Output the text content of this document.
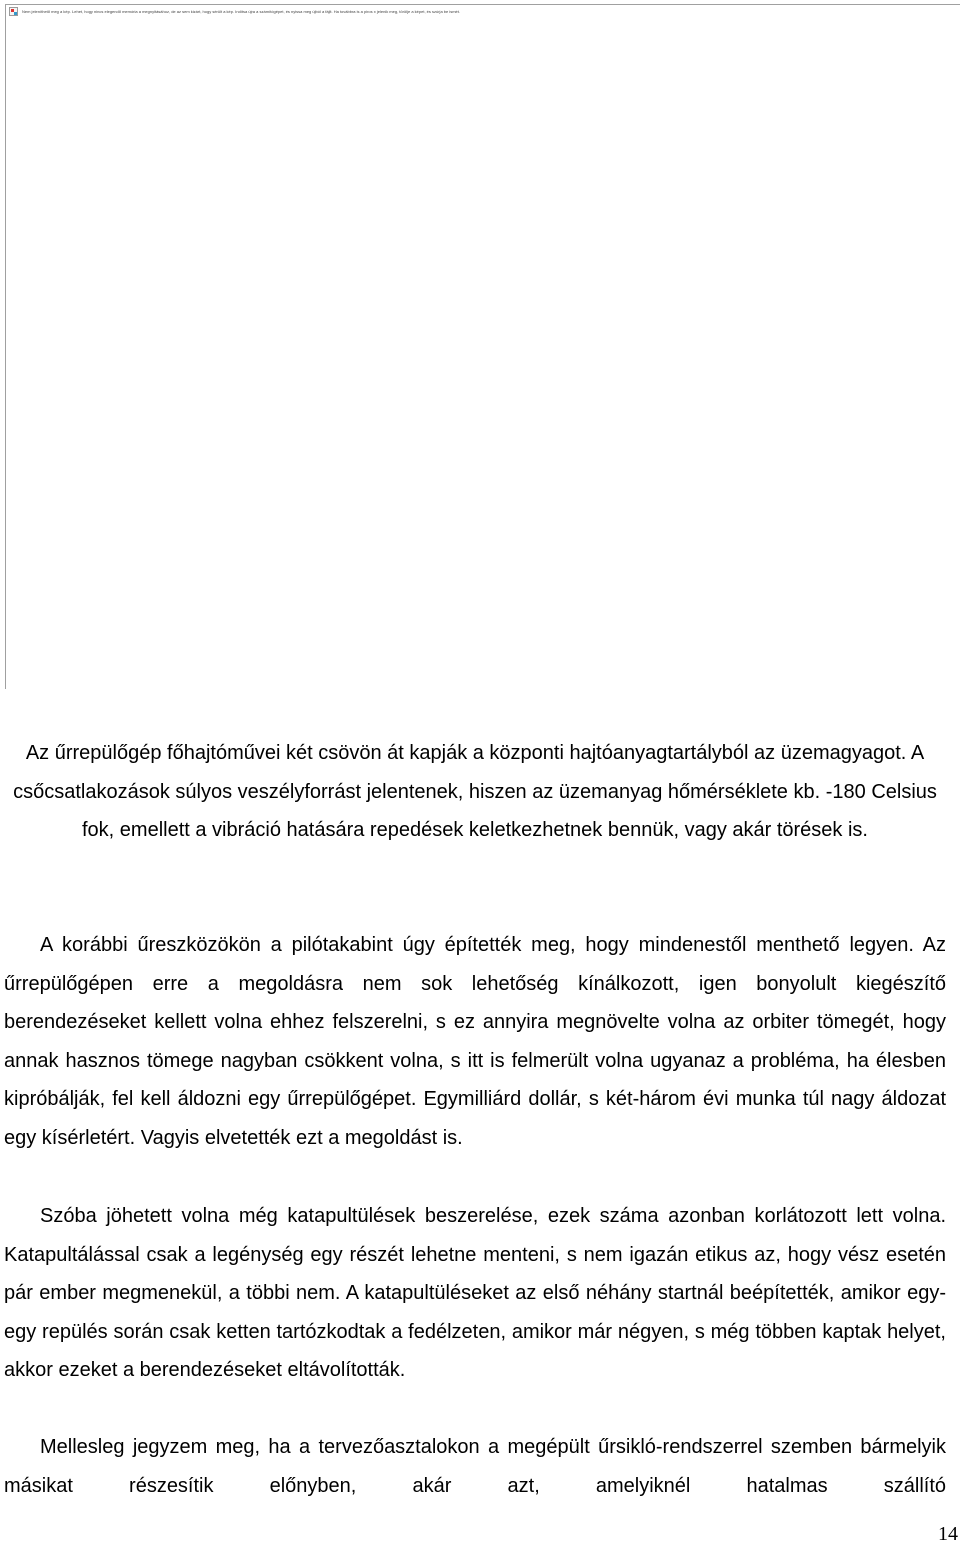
Nem jeleníthető meg a kép. Lehet, hogy nincs elegendő memória a megnyitásához, de az sem kizárt, hogy sérült a kép. Indítsa újra a számítógépet, és nyissa meg újból a fájlt. Ha továbbra is a piros x jelenik meg, törölje a képet, és szúrja be ismét.
Az űrrepülőgép főhajtóművei két csövön át kapják a központi hajtóanyagtartályból az üzemagyagot. A csőcsatlakozások súlyos veszélyforrást jelentenek, hiszen az üzemanyag hőmérséklete kb. -180 Celsius fok, emellett a vibráció hatására repedések keletkezhetnek bennük, vagy akár törések is.
A korábbi űreszközökön a pilótakabint úgy építették meg, hogy mindenestől menthető legyen. Az űrrepülőgépen erre a megoldásra nem sok lehetőség kínálkozott, igen bonyolult kiegészítő berendezéseket kellett volna ehhez felszerelni, s ez annyira megnövelte volna az orbiter tömegét, hogy annak hasznos tömege nagyban csökkent volna, s itt is felmerült volna ugyanaz a probléma, ha élesben kipróbálják, fel kell áldozni egy űrrepülőgépet. Egymilliárd dollár, s két-három évi munka túl nagy áldozat egy kísérletért. Vagyis elvetették ezt a megoldást is.
Szóba jöhetett volna még katapultülések beszerelése, ezek száma azonban korlátozott lett volna. Katapultálással csak a legénység egy részét lehetne menteni, s nem igazán etikus az, hogy vész esetén pár ember megmenekül, a többi nem. A katapultüléseket az első néhány startnál beépítették, amikor egy-egy repülés során csak ketten tartózkodtak a fedélzeten, amikor már négyen, s még többen kaptak helyet, akkor ezeket a berendezéseket eltávolították.
Mellesleg jegyzem meg, ha a tervezőasztalokon a megépült űrsikló-rendszerrel szemben bármelyik másikat részesítik előnyben, akár azt, amelyiknél hatalmas szállító
14
